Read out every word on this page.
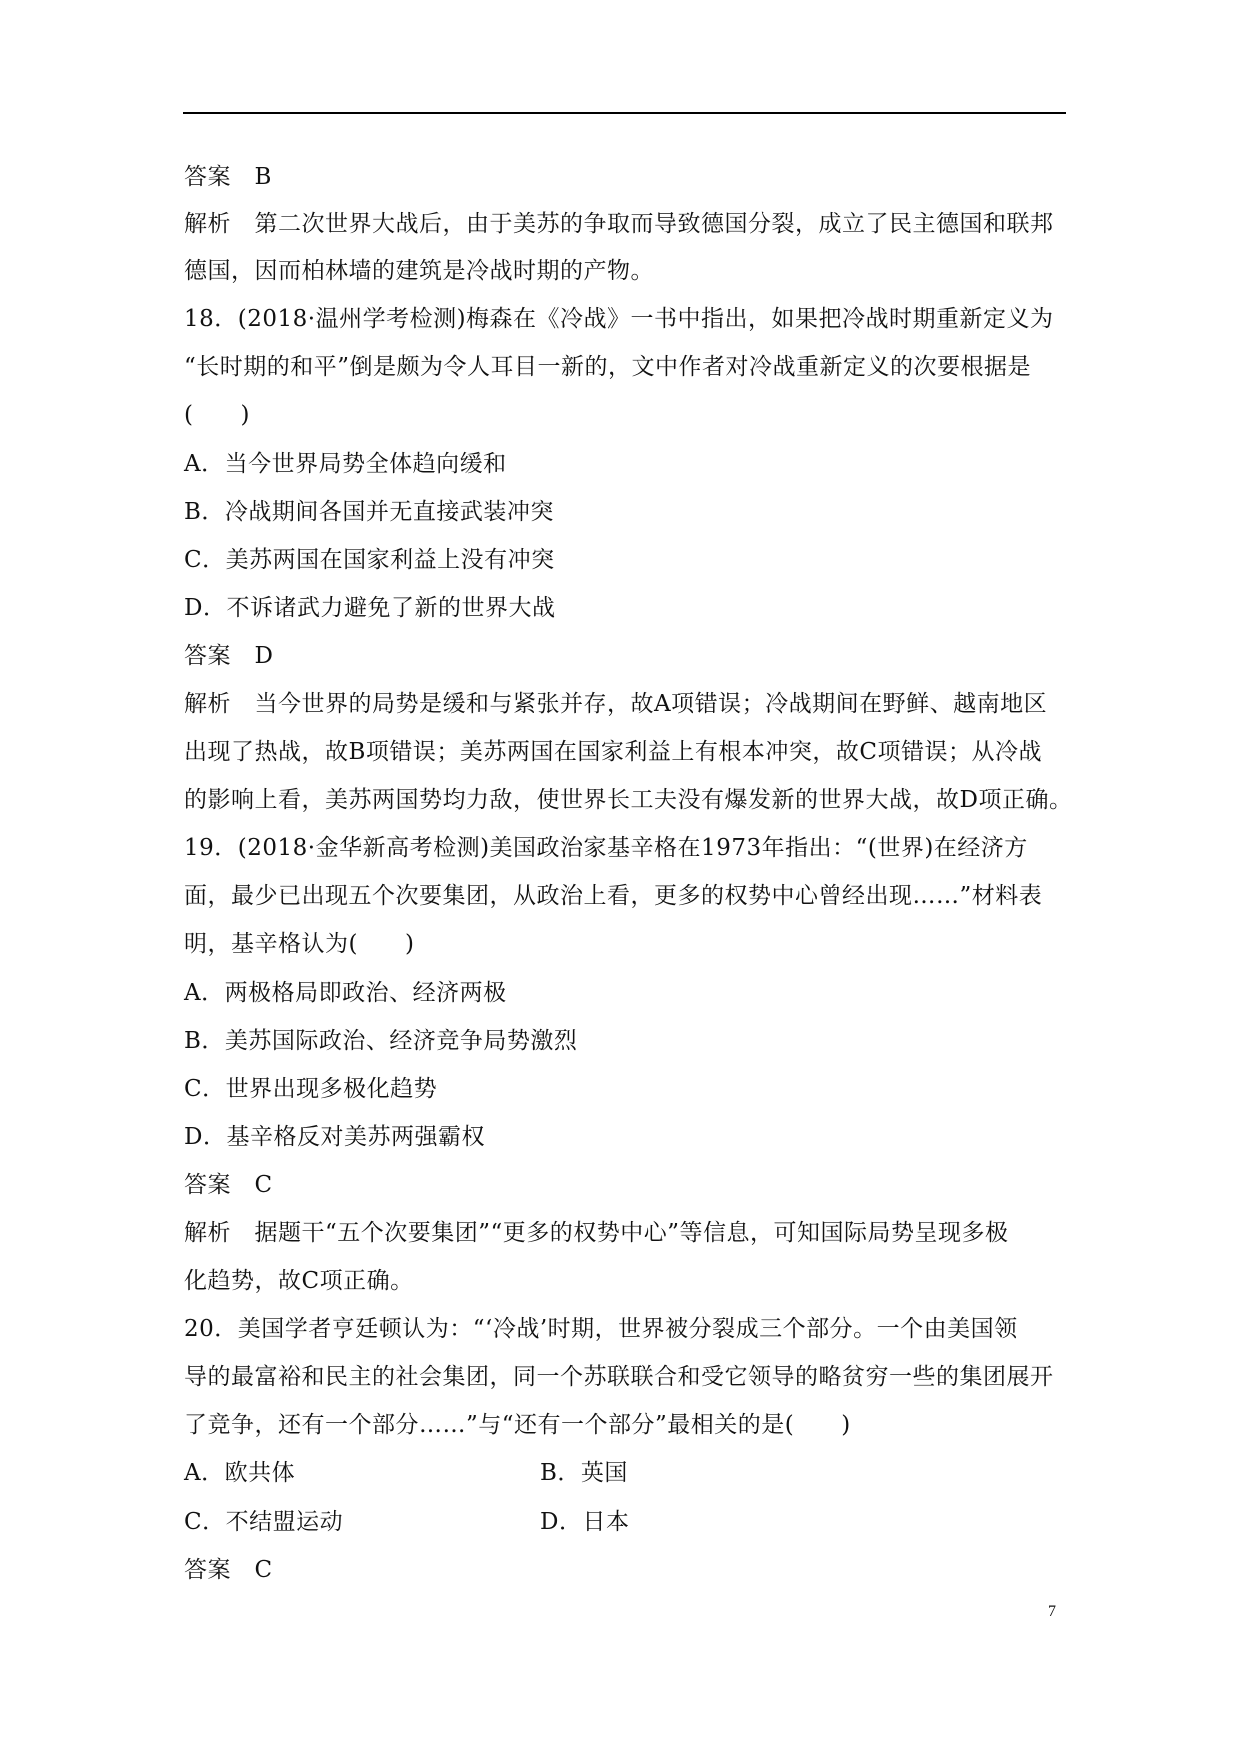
答案　B
解析　第二次世界大战后，由于美苏的争取而导致德国分裂，成立了民主德国和联邦
德国，因而柏林墙的建筑是冷战时期的产物。
18．(2018·温州学考检测)梅森在《冷战》一书中指出，如果把冷战时期重新定义为
“长时期的和平”倒是颇为令人耳目一新的，文中作者对冷战重新定义的次要根据是
(　　)
A．当今世界局势全体趋向缓和
B．冷战期间各国并无直接武装冲突
C．美苏两国在国家利益上没有冲突
D．不诉诸武力避免了新的世界大战
答案　D
解析　当今世界的局势是缓和与紧张并存，故A项错误；冷战期间在野鲜、越南地区
出现了热战，故B项错误；美苏两国在国家利益上有根本冲突，故C项错误；从冷战
的影响上看，美苏两国势均力敌，使世界长工夫没有爆发新的世界大战，故D项正确。
19．(2018·金华新高考检测)美国政治家基辛格在1973年指出：“(世界)在经济方
面，最少已出现五个次要集团，从政治上看，更多的权势中心曾经出现……”材料表
明，基辛格认为(　　)
A．两极格局即政治、经济两极
B．美苏国际政治、经济竞争局势激烈
C．世界出现多极化趋势
D．基辛格反对美苏两强霸权
答案　C
解析　据题干“五个次要集团”“更多的权势中心”等信息，可知国际局势呈现多极
化趋势，故C项正确。
20．美国学者亨廷顿认为：“‘冷战’时期，世界被分裂成三个部分。一个由美国领
导的最富裕和民主的社会集团，同一个苏联联合和受它领导的略贫穷一些的集团展开
了竞争，还有一个部分……”与“还有一个部分”最相关的是(　　)
A．欧共体	B．英国
C．不结盟运动	D．日本
答案　C
7
